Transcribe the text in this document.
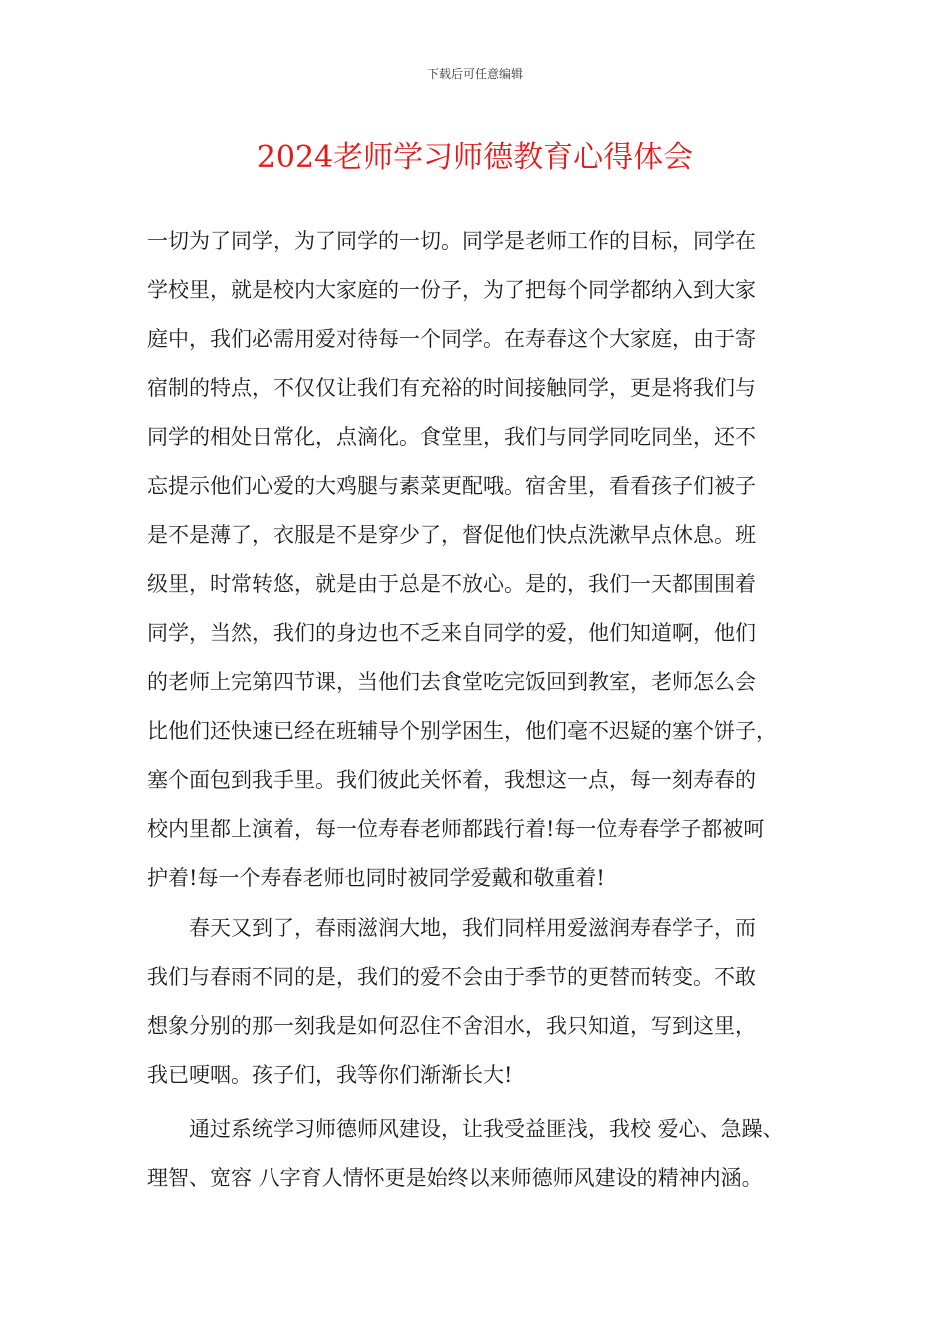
下载后可任意编辑
2024老师学习师德教育心得体会
一切为了同学，为了同学的一切。同学是老师工作的目标，同学在
学校里，就是校内大家庭的一份子，为了把每个同学都纳入到大家
庭中，我们必需用爱对待每一个同学。在寿春这个大家庭，由于寄
宿制的特点，不仅仅让我们有充裕的时间接触同学，更是将我们与
同学的相处日常化，点滴化。食堂里，我们与同学同吃同坐，还不
忘提示他们心爱的大鸡腿与素菜更配哦。宿舍里，看看孩子们被子
是不是薄了，衣服是不是穿少了，督促他们快点洗漱早点休息。班
级里，时常转悠，就是由于总是不放心。是的，我们一天都围围着
同学，当然，我们的身边也不乏来自同学的爱，他们知道啊，他们
的老师上完第四节课，当他们去食堂吃完饭回到教室，老师怎么会
比他们还快速已经在班辅导个别学困生，他们毫不迟疑的塞个饼子，
塞个面包到我手里。我们彼此关怀着，我想这一点，每一刻寿春的
校内里都上演着，每一位寿春老师都践行着!每一位寿春学子都被呵
护着!每一个寿春老师也同时被同学爱戴和敬重着!
春天又到了，春雨滋润大地，我们同样用爱滋润寿春学子，而
我们与春雨不同的是，我们的爱不会由于季节的更替而转变。不敢
想象分别的那一刻我是如何忍住不舍泪水，我只知道，写到这里，
我已哽咽。孩子们，我等你们渐渐长大!
通过系统学习师德师风建设，让我受益匪浅，我校 爱心、急躁、
理智、宽容 八字育人情怀更是始终以来师德师风建设的精神内涵。
